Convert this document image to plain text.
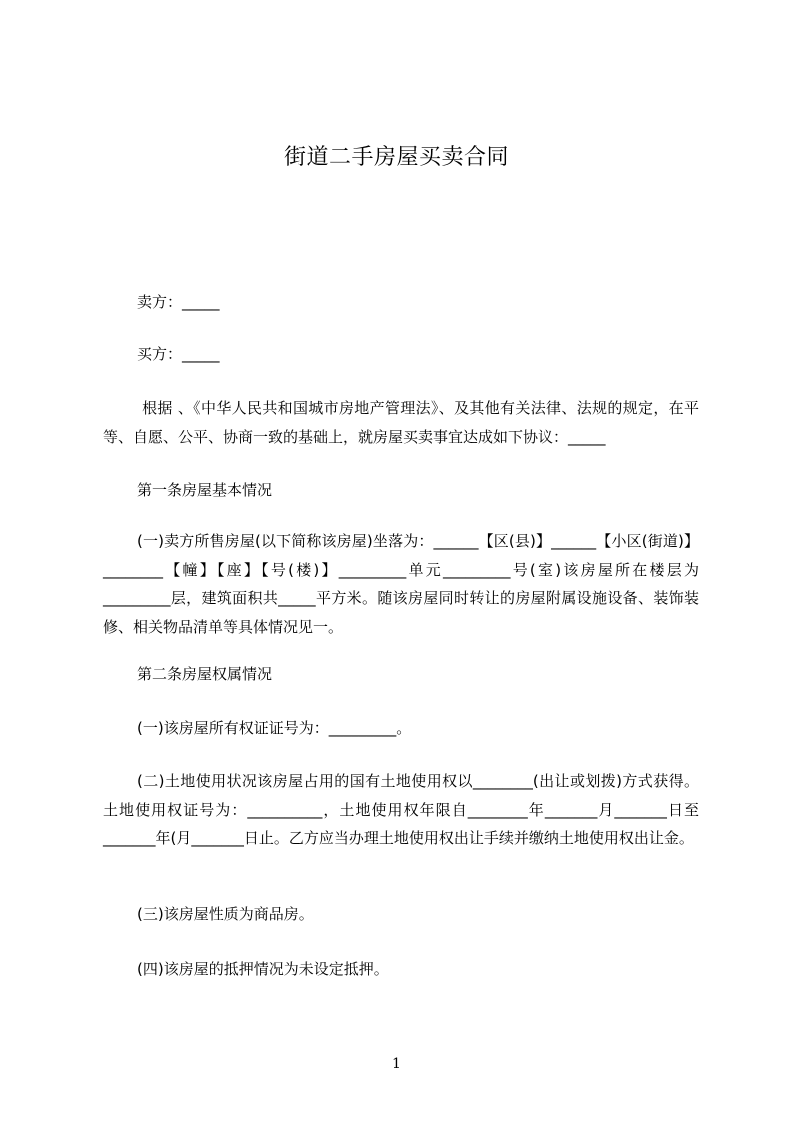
街道二手房屋买卖合同
卖方：_____
买方：_____
根据 、《中华人民共和国城市房地产管理法》、及其他有关法律、法规的规定，在平等、自愿、公平、协商一致的基础上，就房屋买卖事宜达成如下协议：_____
第一条房屋基本情况
(一)卖方所售房屋(以下简称该房屋)坐落为：______【区(县)】______【小区(街道)】________【幢】【座】【号(楼)】_________单元_________号(室)该房屋所在楼层为_________层，建筑面积共_____平方米。随该房屋同时转让的房屋附属设施设备、装饰装修、相关物品清单等具体情况见一。
第二条房屋权属情况
(一)该房屋所有权证证号为：_________。
(二)土地使用状况该房屋占用的国有土地使用权以________(出让或划拨)方式获得。土地使用权证号为：__________，土地使用权年限自________年_______月_______日至_______年(月_______日止。乙方应当办理土地使用权出让手续并缴纳土地使用权出让金。
(三)该房屋性质为商品房。
(四)该房屋的抵押情况为未设定抵押。
1
